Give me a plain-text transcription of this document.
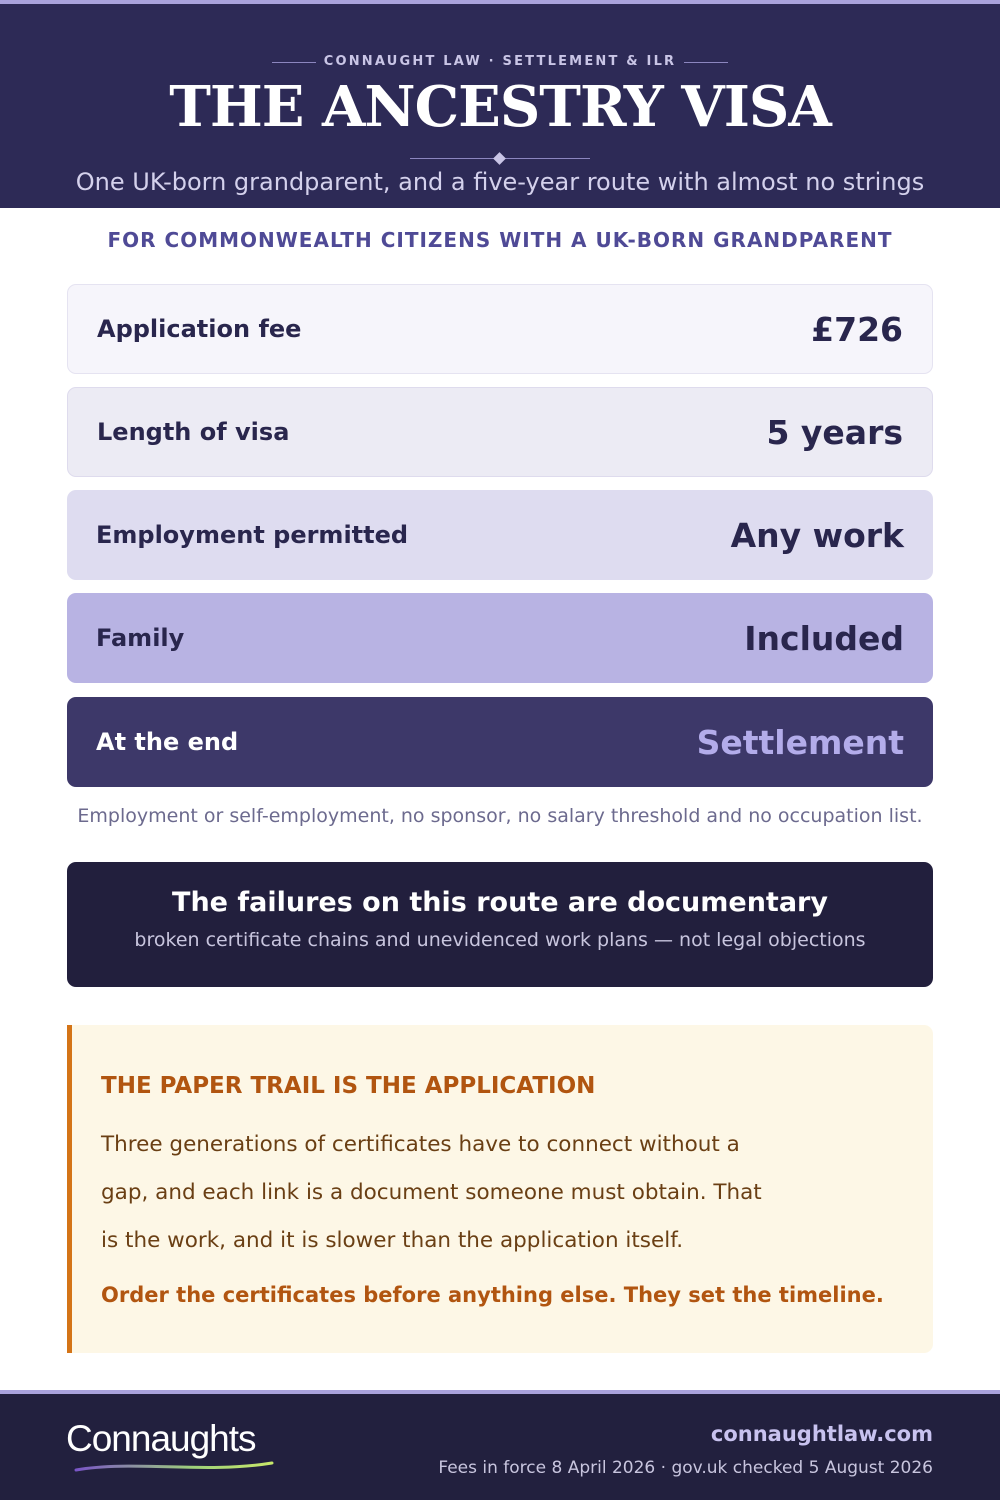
CONNAUGHT LAW · SETTLEMENT & ILR
THE ANCESTRY VISA
One UK-born grandparent, and a five-year route with almost no strings
FOR COMMONWEALTH CITIZENS WITH A UK-BORN GRANDPARENT
Application fee	£726
Length of visa	5 years
Employment permitted	Any work
Family	Included
At the end	Settlement
Employment or self-employment, no sponsor, no salary threshold and no occupation list.
The failures on this route are documentary
broken certificate chains and unevidenced work plans — not legal objections
THE PAPER TRAIL IS THE APPLICATION
Three generations of certificates have to connect without a gap, and each link is a document someone must obtain. That is the work, and it is slower than the application itself.
Order the certificates before anything else. They set the timeline.
Connaughts	connaughtlaw.com
Fees in force 8 April 2026 · gov.uk checked 5 August 2026
